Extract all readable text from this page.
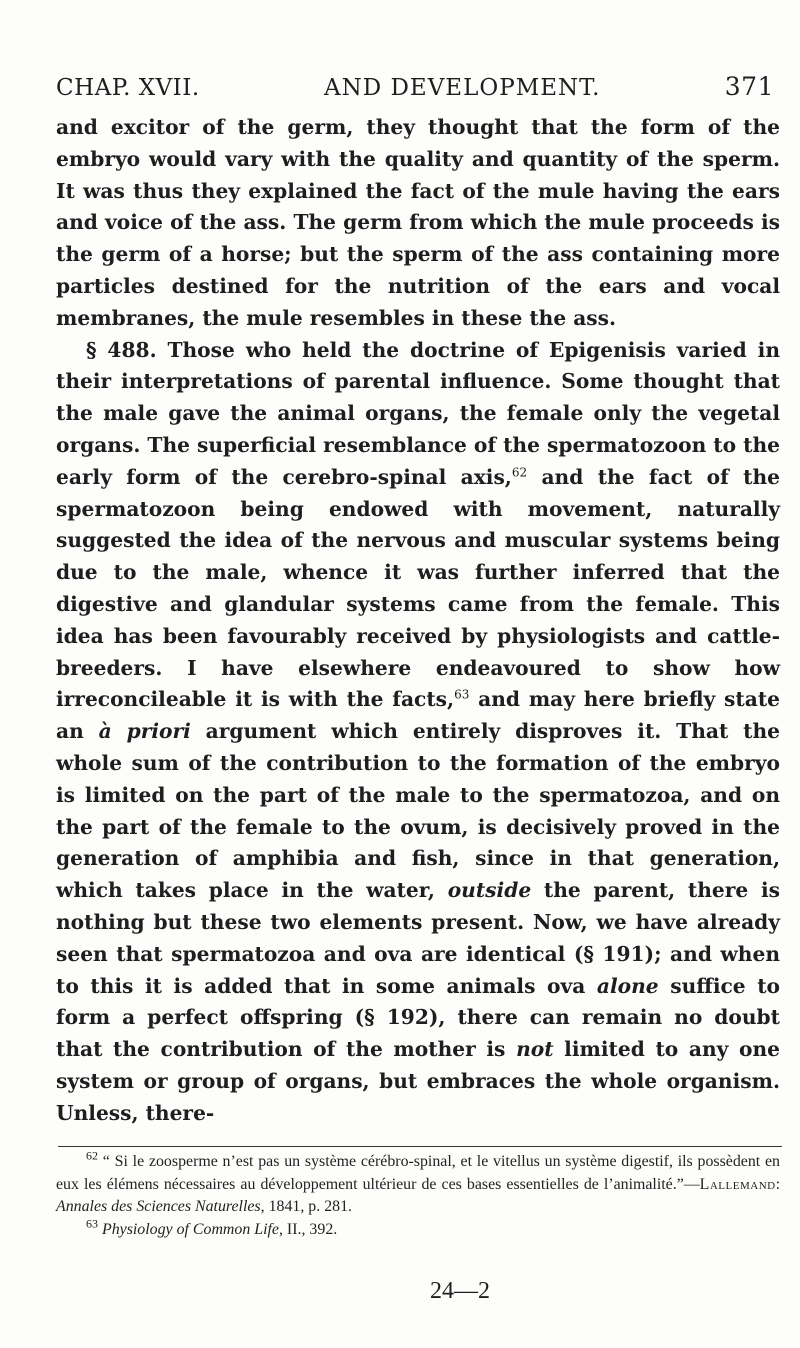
CHAP. XVII.	AND DEVELOPMENT.	371

and excitor of the germ, they thought that the form of the embryo would vary with the quality and quantity of the sperm. It was thus they explained the fact of the mule having the ears and voice of the ass. The germ from which the mule proceeds is the germ of a horse; but the sperm of the ass containing more particles destined for the nutrition of the ears and vocal membranes, the mule resembles in these the ass.

§ 488. Those who held the doctrine of Epigenisis varied in their interpretations of parental influence. Some thought that the male gave the animal organs, the female only the vegetal organs. The superficial resemblance of the spermatozoon to the early form of the cerebro-spinal axis,$^{62}$ and the fact of the spermatozoon being endowed with movement, naturally suggested the idea of the nervous and muscular systems being due to the male, whence it was further inferred that the digestive and glandular systems came from the female. This idea has been favourably received by physiologists and cattle-breeders. I have elsewhere endeavoured to show how irreconcileable it is with the facts,$^{63}$ and may here briefly state an à priori argument which entirely disproves it. That the whole sum of the contribution to the formation of the embryo is limited on the part of the male to the spermatozoa, and on the part of the female to the ovum, is decisively proved in the generation of amphibia and fish, since in that generation, which takes place in the water, outside the parent, there is nothing but these two elements present. Now, we have already seen that spermatozoa and ova are identical (§ 191); and when to this it is added that in some animals ova alone suffice to form a perfect offspring (§ 192), there can remain no doubt that the contribution of the mother is not limited to any one system or group of organs, but embraces the whole organism. Unless, there-

$^{62}$ “ Si le zoosperme n’est pas un système cérébro-spinal, et le vitellus un système digestif, ils possèdent en eux les élémens nécessaires au développement ultérieur de ces bases essentielles de l’animalité.”—Lallemand: Annales des Sciences Naturelles, 1841, p. 281.

$^{63}$ Physiology of Common Life, II., 392.

24—2
